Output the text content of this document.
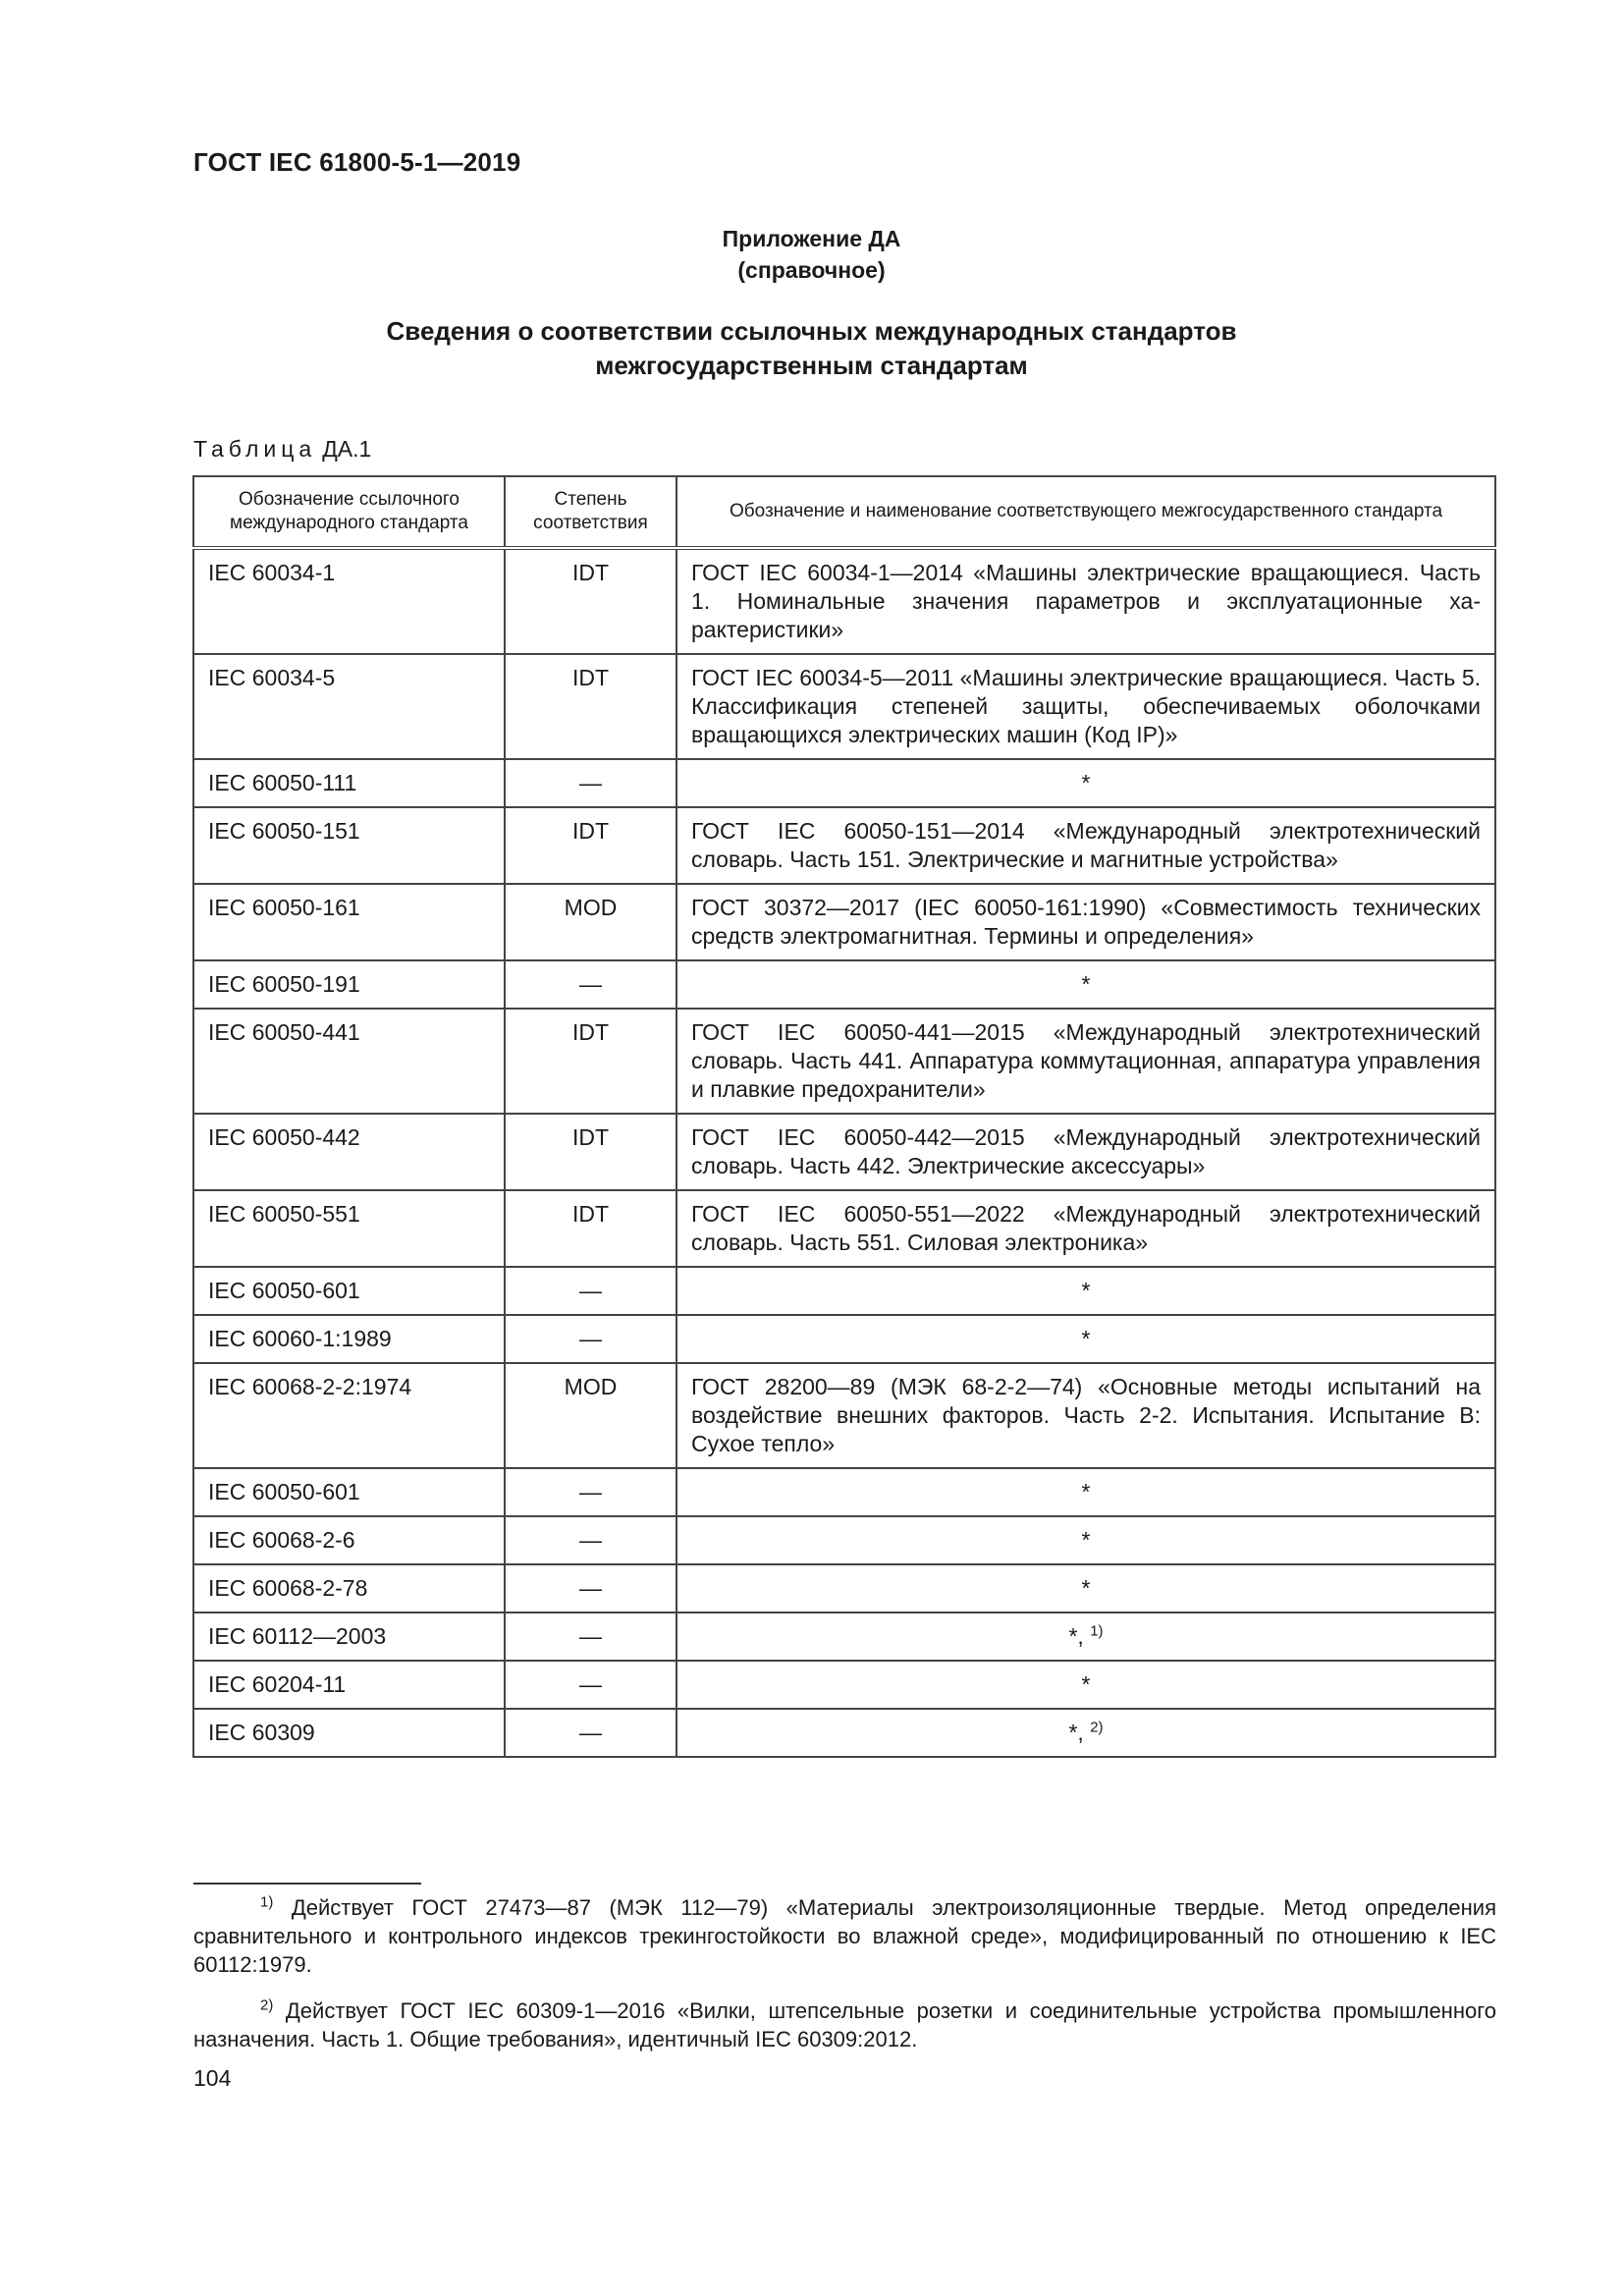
ГОСТ IEC 61800-5-1—2019
Приложение ДА
(справочное)
Сведения о соответствии ссылочных международных стандартов
межгосударственным стандартам
Таблица ДА.1
Обозначение ссылочного международного стандарта	Степень соответствия	Обозначение и наименование соответствующего межгосударственного стандарта
IEC 60034-1	IDT	ГОСТ IEC 60034-1—2014 «Машины электрические вращающиеся. Часть 1. Номинальные значения параметров и эксплуатационные характеристики»
IEC 60034-5	IDT	ГОСТ IEC 60034-5—2011 «Машины электрические вращающиеся. Часть 5. Классификация степеней защиты, обеспечиваемых оболочками вращающихся электрических машин (Код IP)»
IEC 60050-111	—	*
IEC 60050-151	IDT	ГОСТ IEC 60050-151—2014 «Международный электротехнический словарь. Часть 151. Электрические и магнитные устройства»
IEC 60050-161	MOD	ГОСТ 30372—2017 (IEC 60050-161:1990) «Совместимость технических средств электромагнитная. Термины и определения»
IEC 60050-191	—	*
IEC 60050-441	IDT	ГОСТ IEC 60050-441—2015 «Международный электротехнический словарь. Часть 441. Аппаратура коммутационная, аппаратура управления и плавкие предохранители»
IEC 60050-442	IDT	ГОСТ IEC 60050-442—2015 «Международный электротехнический словарь. Часть 442. Электрические аксессуары»
IEC 60050-551	IDT	ГОСТ IEC 60050-551—2022 «Международный электротехнический словарь. Часть 551. Силовая электроника»
IEC 60050-601	—	*
IEC 60060-1:1989	—	*
IEC 60068-2-2:1974	MOD	ГОСТ 28200—89 (МЭК 68-2-2—74) «Основные методы испытаний на воздействие внешних факторов. Часть 2-2. Испытания. Испытание В: Сухое тепло»
IEC 60050-601	—	*
IEC 60068-2-6	—	*
IEC 60068-2-78	—	*
IEC 60112—2003	—	*, $^{1)}$
IEC 60204-11	—	*
IEC 60309	—	*, $^{2)}$
$^{1)}$ Действует ГОСТ 27473—87 (МЭК 112—79) «Материалы электроизоляционные твердые. Метод определения сравнительного и контрольного индексов трекингостойкости во влажной среде», модифицированный по отношению к IEC 60112:1979.
$^{2)}$ Действует ГОСТ IEC 60309-1—2016 «Вилки, штепсельные розетки и соединительные устройства промышленного назначения. Часть 1. Общие требования», идентичный IEC 60309:2012.
104
